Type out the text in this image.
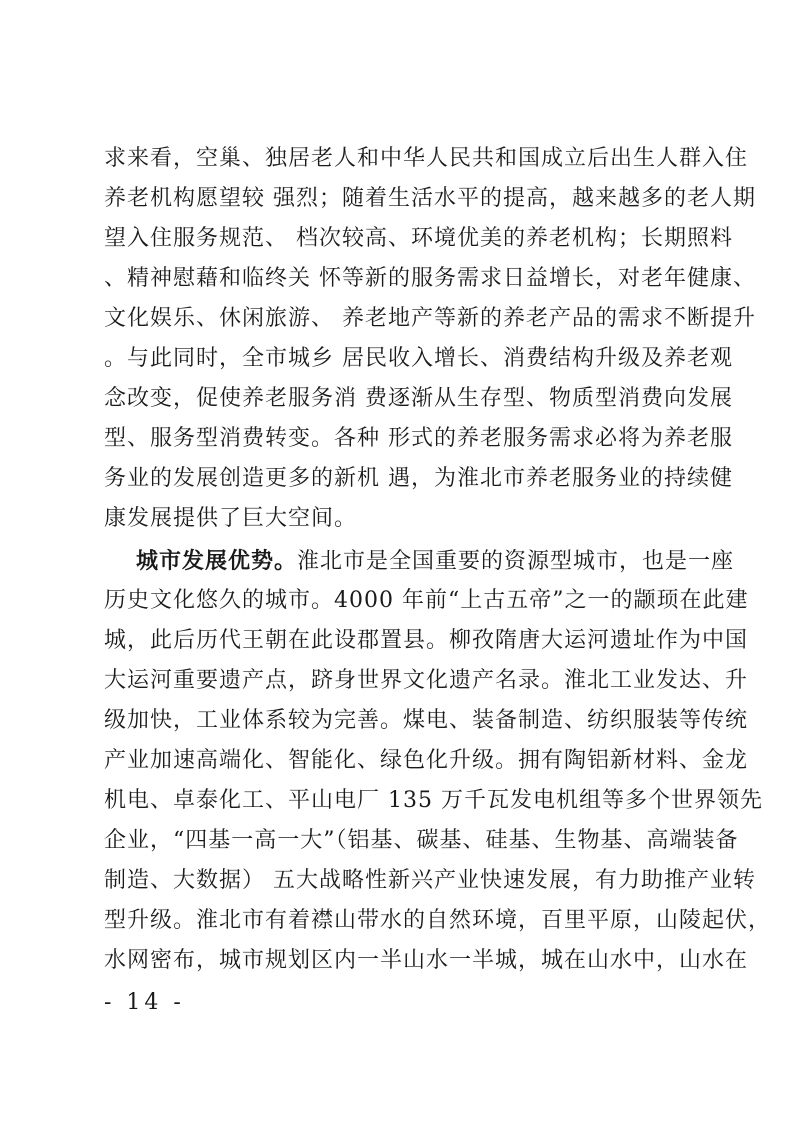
求来看，空巢、独居老人和中华人民共和国成立后出生人群入住
养老机构愿望较 强烈；随着生活水平的提高，越来越多的老人期
望入住服务规范、 档次较高、环境优美的养老机构；长期照料
、精神慰藉和临终关 怀等新的服务需求日益增长，对老年健康、
文化娱乐、休闲旅游、 养老地产等新的养老产品的需求不断提升
。与此同时，全市城乡 居民收入增长、消费结构升级及养老观
念改变，促使养老服务消 费逐渐从生存型、物质型消费向发展
型、服务型消费转变。各种 形式的养老服务需求必将为养老服
务业的发展创造更多的新机 遇，为淮北市养老服务业的持续健
康发展提供了巨大空间。
城市发展优势。淮北市是全国重要的资源型城市，也是一座
历史文化悠久的城市。4000 年前“上古五帝”之一的颛顼在此建
城，此后历代王朝在此设郡置县。柳孜隋唐大运河遗址作为中国
大运河重要遗产点，跻身世界文化遗产名录。淮北工业发达、升
级加快，工业体系较为完善。煤电、装备制造、纺织服装等传统
产业加速高端化、智能化、绿色化升级。拥有陶铝新材料、金龙
机电、卓泰化工、平山电厂 135 万千瓦发电机组等多个世界领先
企业，“四基一高一大”（铝基、碳基、硅基、生物基、高端装备
制造、大数据） 五大战略性新兴产业快速发展，有力助推产业转
型升级。淮北市有着襟山带水的自然环境，百里平原，山陵起伏，
水网密布，城市规划区内一半山水一半城，城在山水中，山水在
- 14 -
